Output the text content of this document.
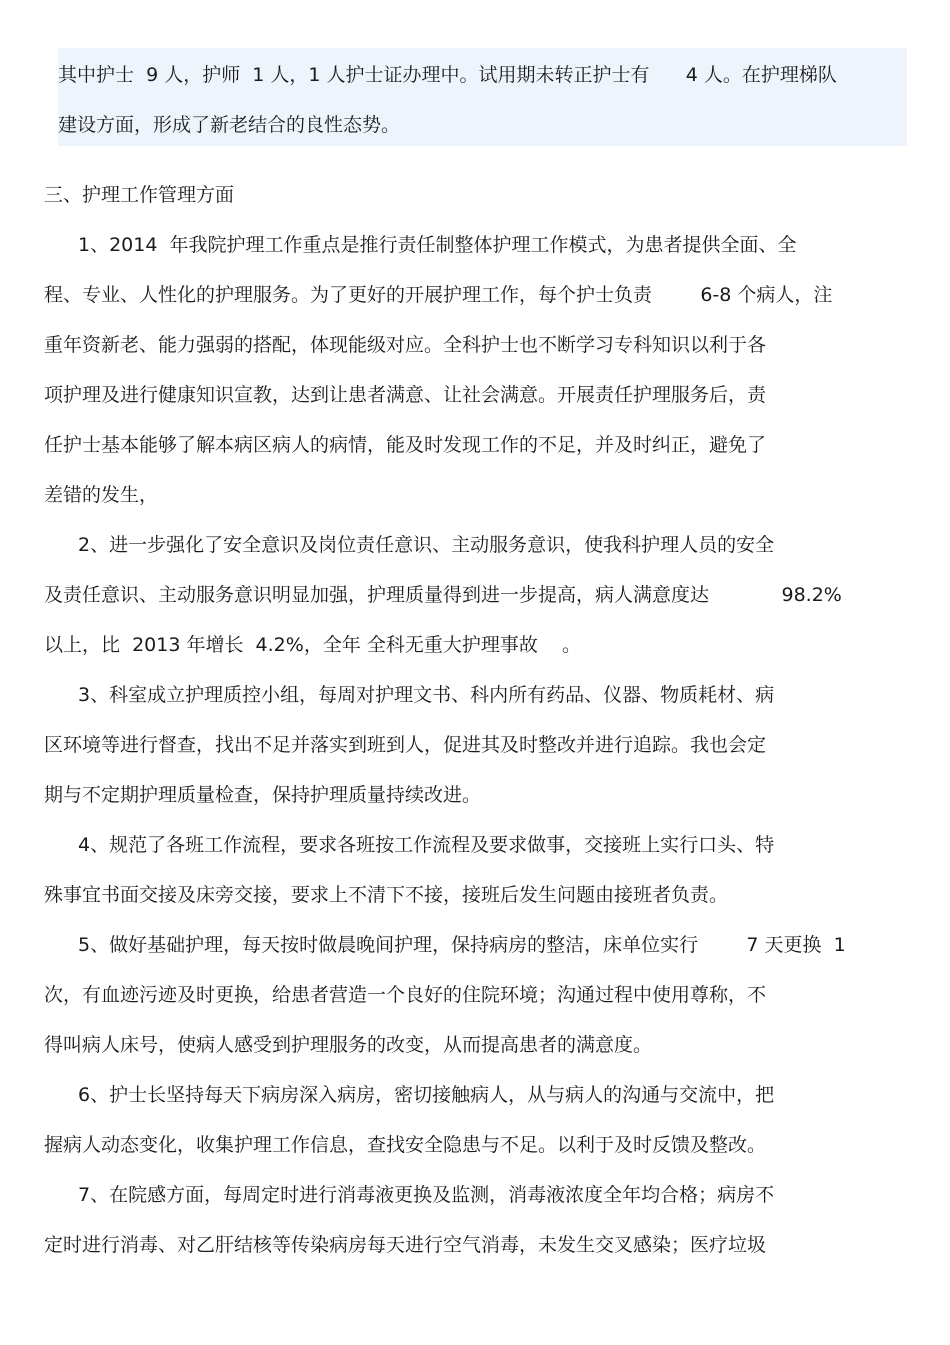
其中护士  9 人，护师  1 人，1 人护士证办理中。试用期未转正护士有      4 人。在护理梯队
建设方面，形成了新老结合的良性态势。
三、护理工作管理方面
1、2014  年我院护理工作重点是推行责任制整体护理工作模式，为患者提供全面、全
程、专业、人性化的护理服务。为了更好的开展护理工作，每个护士负责        6-8 个病人，注
重年资新老、能力强弱的搭配，体现能级对应。全科护士也不断学习专科知识以利于各
项护理及进行健康知识宣教，达到让患者满意、让社会满意。开展责任护理服务后，责
任护士基本能够了解本病区病人的病情，能及时发现工作的不足，并及时纠正，避免了
差错的发生，
2、进一步强化了安全意识及岗位责任意识、主动服务意识，使我科护理人员的安全
及责任意识、主动服务意识明显加强，护理质量得到进一步提高，病人满意度达            98.2%
以上，比  2013 年增长  4.2%，全年 全科无重大护理事故    。
3、科室成立护理质控小组，每周对护理文书、科内所有药品、仪器、物质耗材、病
区环境等进行督查，找出不足并落实到班到人，促进其及时整改并进行追踪。我也会定
期与不定期护理质量检查，保持护理质量持续改进。
4、规范了各班工作流程，要求各班按工作流程及要求做事，交接班上实行口头、特
殊事宜书面交接及床旁交接，要求上不清下不接，接班后发生问题由接班者负责。
5、做好基础护理，每天按时做晨晚间护理，保持病房的整洁，床单位实行        7 天更换  1
次，有血迹污迹及时更换，给患者营造一个良好的住院环境；沟通过程中使用尊称，不
得叫病人床号，使病人感受到护理服务的改变，从而提高患者的满意度。
6、护士长坚持每天下病房深入病房，密切接触病人，从与病人的沟通与交流中，把
握病人动态变化，收集护理工作信息，查找安全隐患与不足。以利于及时反馈及整改。
7、在院感方面，每周定时进行消毒液更换及监测，消毒液浓度全年均合格；病房不
定时进行消毒、对乙肝结核等传染病房每天进行空气消毒，未发生交叉感染；医疗垃圾
